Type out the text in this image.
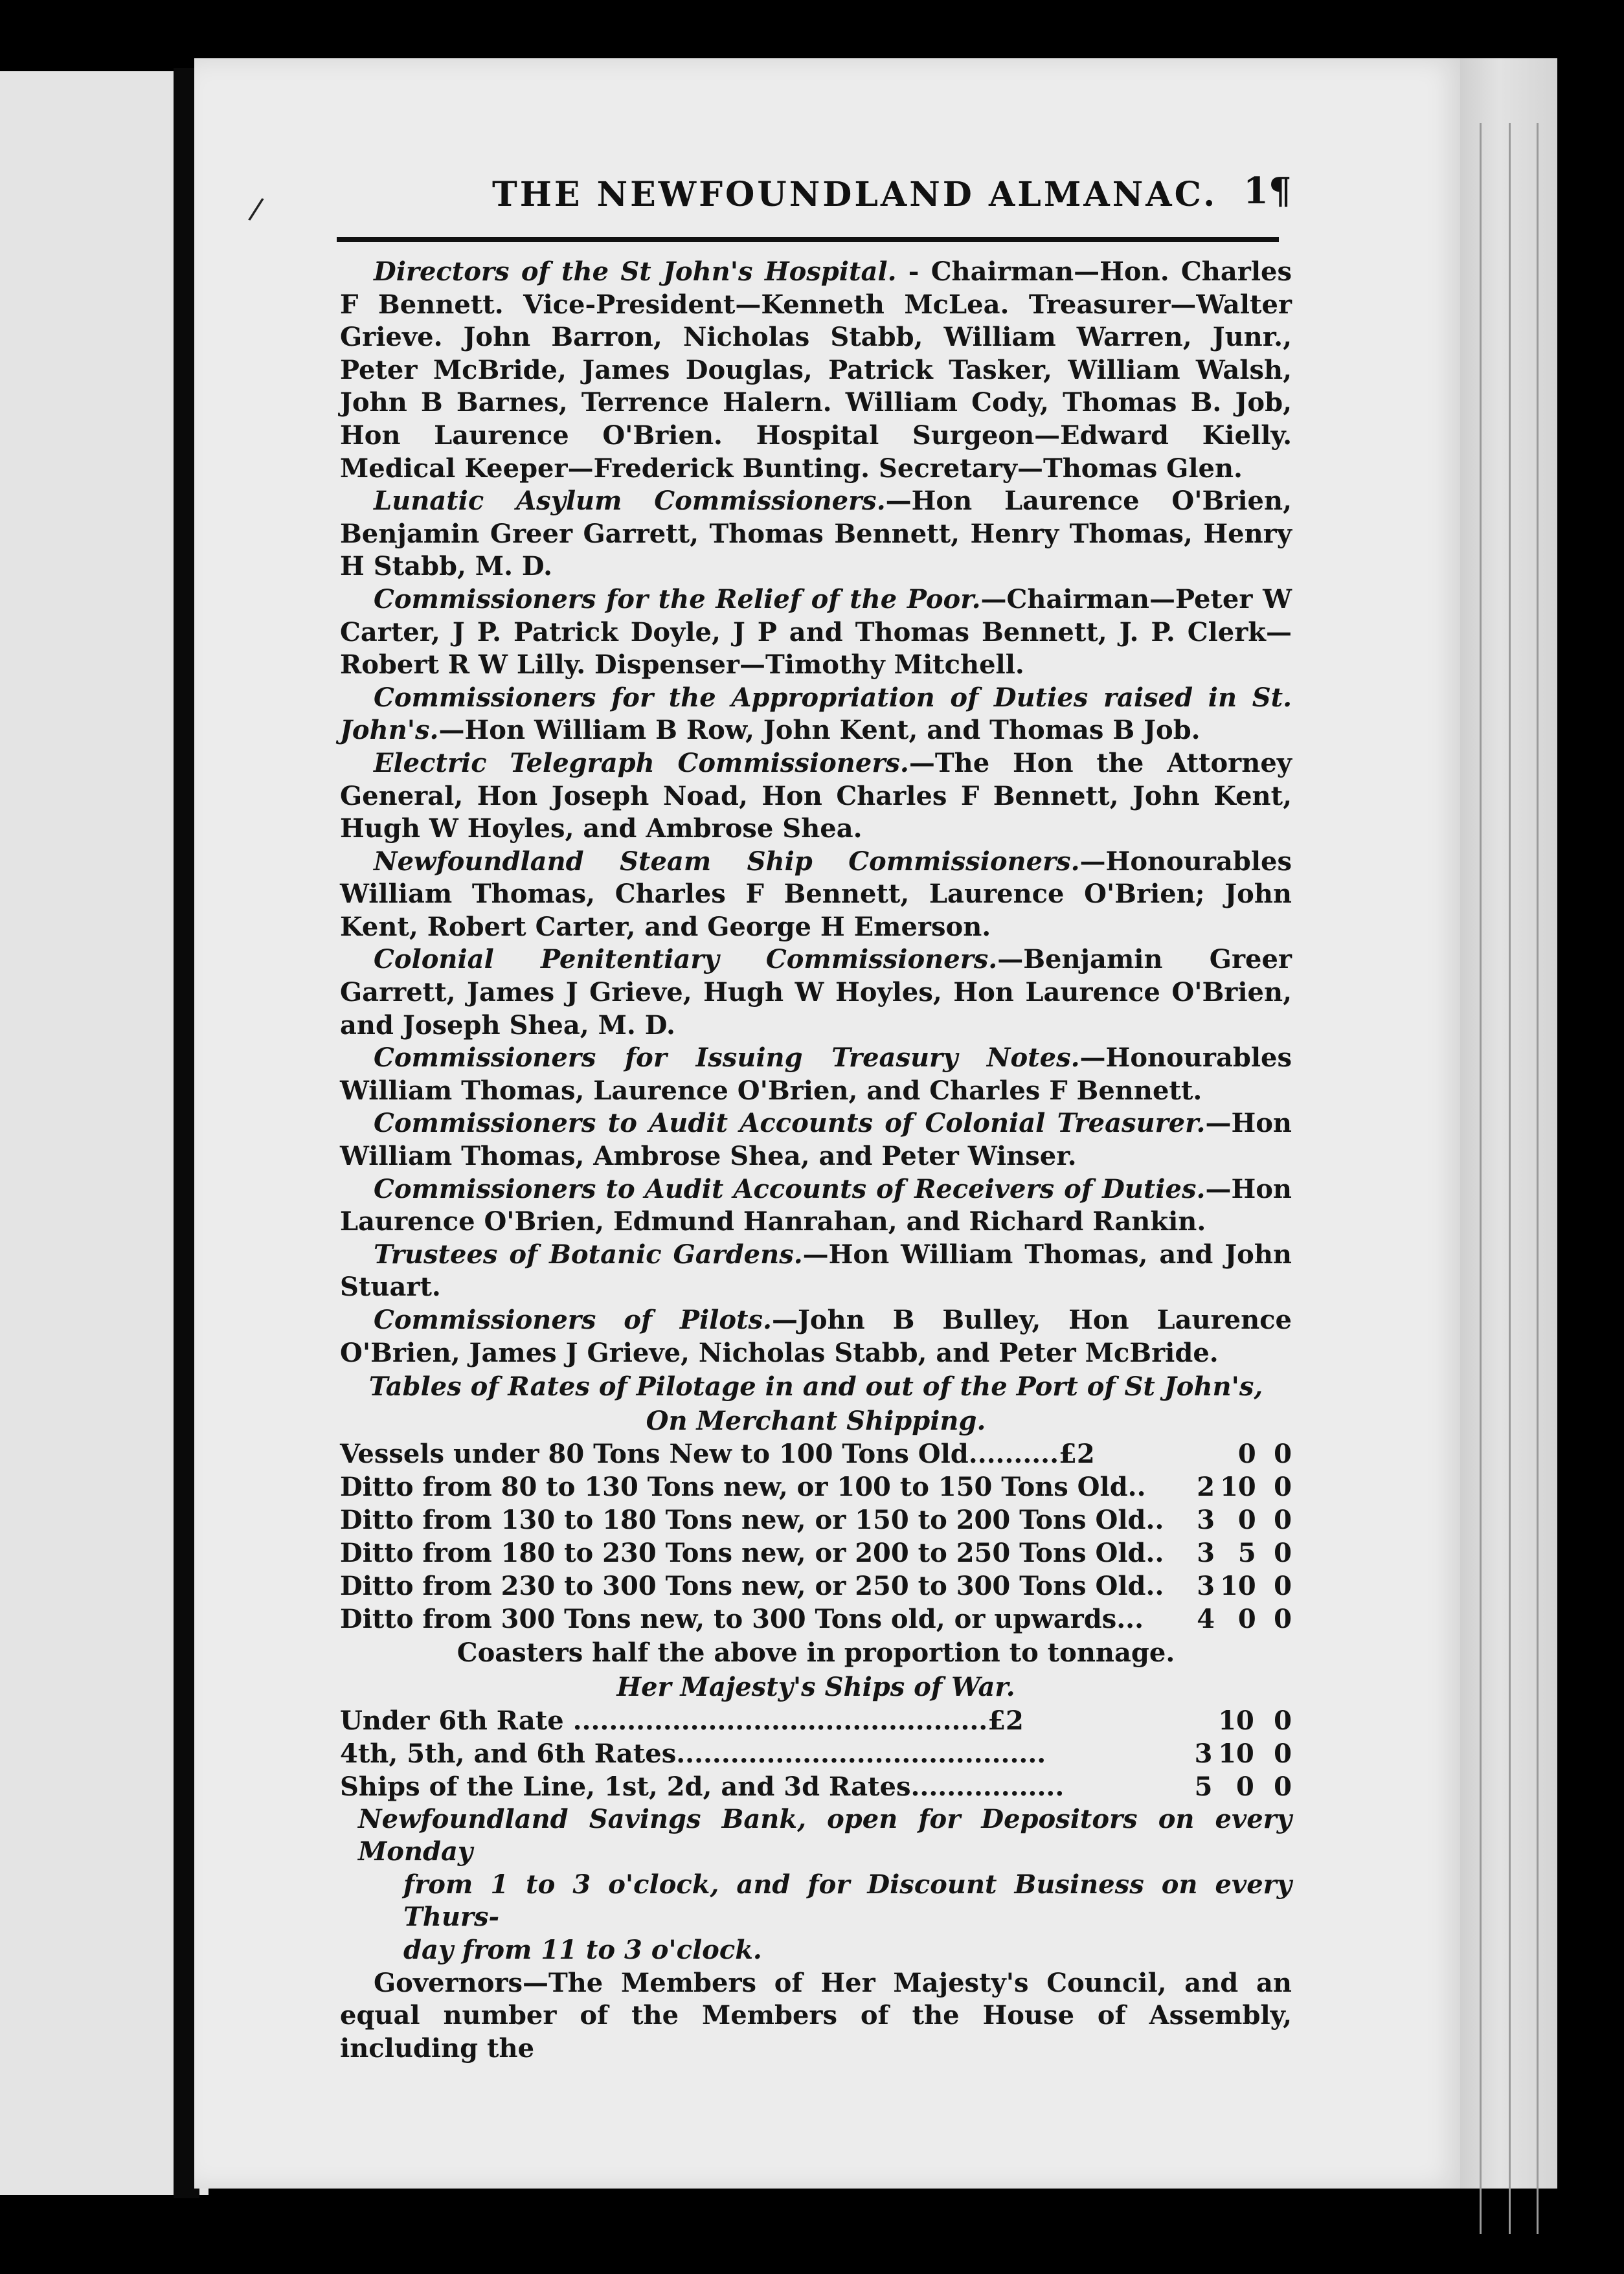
/	THE NEWFOUNDLAND ALMANAC. 1¶

Directors of the St John's Hospital. - Chairman—Hon. Charles F Bennett. Vice-President—Kenneth McLea. Treasurer—Walter Grieve. John Barron, Nicholas Stabb, William Warren, Junr., Peter McBride, James Douglas, Patrick Tasker, William Walsh, John B Barnes, Terrence Halern. William Cody, Thomas B. Job, Hon Laurence O'Brien. Hospital Surgeon—Edward Kielly. Medical Keeper—Frederick Bunting. Secretary—Thomas Glen.

Lunatic Asylum Commissioners.—Hon Laurence O'Brien, Benjamin Greer Garrett, Thomas Bennett, Henry Thomas, Henry H Stabb, M. D.

Commissioners for the Relief of the Poor.—Chairman—Peter W Carter, J P. Patrick Doyle, J P and Thomas Bennett, J. P. Clerk—Robert R W Lilly. Dispenser—Timothy Mitchell.

Commissioners for the Appropriation of Duties raised in St. John's.—Hon William B Row, John Kent, and Thomas B Job.

Electric Telegraph Commissioners.—The Hon the Attorney General, Hon Joseph Noad, Hon Charles F Bennett, John Kent, Hugh W Hoyles, and Ambrose Shea.

Newfoundland Steam Ship Commissioners.—Honourables William Thomas, Charles F Bennett, Laurence O'Brien; John Kent, Robert Carter, and George H Emerson.

Colonial Penitentiary Commissioners.—Benjamin Greer Garrett, James J Grieve, Hugh W Hoyles, Hon Laurence O'Brien, and Joseph Shea, M. D.

Commissioners for Issuing Treasury Notes.—Honourables William Thomas, Laurence O'Brien, and Charles F Bennett.

Commissioners to Audit Accounts of Colonial Treasurer.—Hon William Thomas, Ambrose Shea, and Peter Winser.

Commissioners to Audit Accounts of Receivers of Duties.—Hon Laurence O'Brien, Edmund Hanrahan, and Richard Rankin.

Trustees of Botanic Gardens.—Hon William Thomas, and John Stuart.

Commissioners of Pilots.—John B Bulley, Hon Laurence O'Brien, James J Grieve, Nicholas Stabb, and Peter McBride.

Tables of Rates of Pilotage in and out of the Port of St John's,
On Merchant Shipping.
Vessels under 80 Tons New to 100 Tons Old..........£2		0	0
Ditto from 80 to 130 Tons new, or 100 to 150 Tons Old..	2	10	0
Ditto from 130 to 180 Tons new, or 150 to 200 Tons Old..	3	0	0
Ditto from 180 to 230 Tons new, or 200 to 250 Tons Old..	3	5	0
Ditto from 230 to 300 Tons new, or 250 to 300 Tons Old..	3	10	0
Ditto from 300 Tons new, to 300 Tons old, or upwards...	4	0	0
Coasters half the above in proportion to tonnage.
Her Majesty's Ships of War.
Under 6th Rate ..............................................£2		10	0
4th, 5th, and 6th Rates.........................................	3	10	0
Ships of the Line, 1st, 2d, and 3d Rates.................	5	0	0

Newfoundland Savings Bank, open for Depositors on every Monday
from 1 to 3 o'clock, and for Discount Business on every Thurs-
day from 11 to 3 o'clock.

Governors—The Members of Her Majesty's Council, and an equal number of the Members of the House of Assembly, including the
